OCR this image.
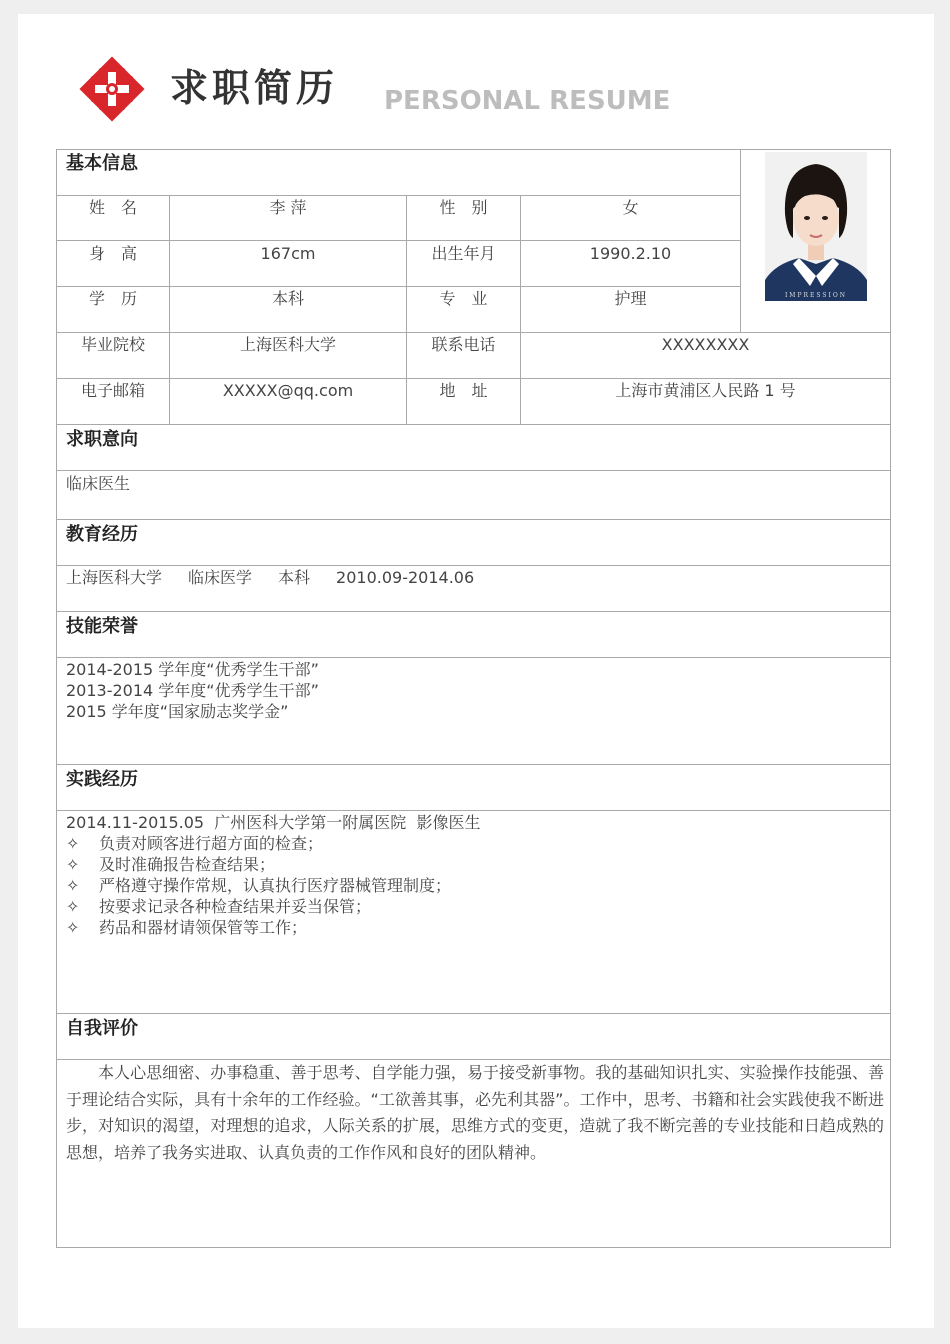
求职简历 PERSONAL RESUME
基本信息
姓　名	李 萍	性　别	女
身　高	167cm	出生年月	1990.2.10
学　历	本科	专　业	护理
毕业院校	上海医科大学	联系电话	XXXXXXXX
电子邮箱	XXXXX@qq.com	地　址	上海市黄浦区人民路 1 号
IMPRESSION
求职意向
临床医生
教育经历
上海医科大学 临床医学 本科 2010.09-2014.06
技能荣誉
2014-2015 学年度“优秀学生干部”
2013-2014 学年度“优秀学生干部”
2015 学年度“国家励志奖学金”
实践经历
2014.11-2015.05  广州医科大学第一附属医院  影像医生
✧ 负责对顾客进行超方面的检查；
✧ 及时准确报告检查结果；
✧ 严格遵守操作常规，认真执行医疗器械管理制度；
✧ 按要求记录各种检查结果并妥当保管；
✧ 药品和器材请领保管等工作；
自我评价
本人心思细密、办事稳重、善于思考、自学能力强，易于接受新事物。我的基础知识扎实、实验操作技能强、善于理论结合实际，具有十余年的工作经验。“工欲善其事，必先利其器”。工作中，思考、书籍和社会实践使我不断进步，对知识的渴望，对理想的追求，人际关系的扩展，思维方式的变更，造就了我不断完善的专业技能和日趋成熟的思想，培养了我务实进取、认真负责的工作作风和良好的团队精神。
